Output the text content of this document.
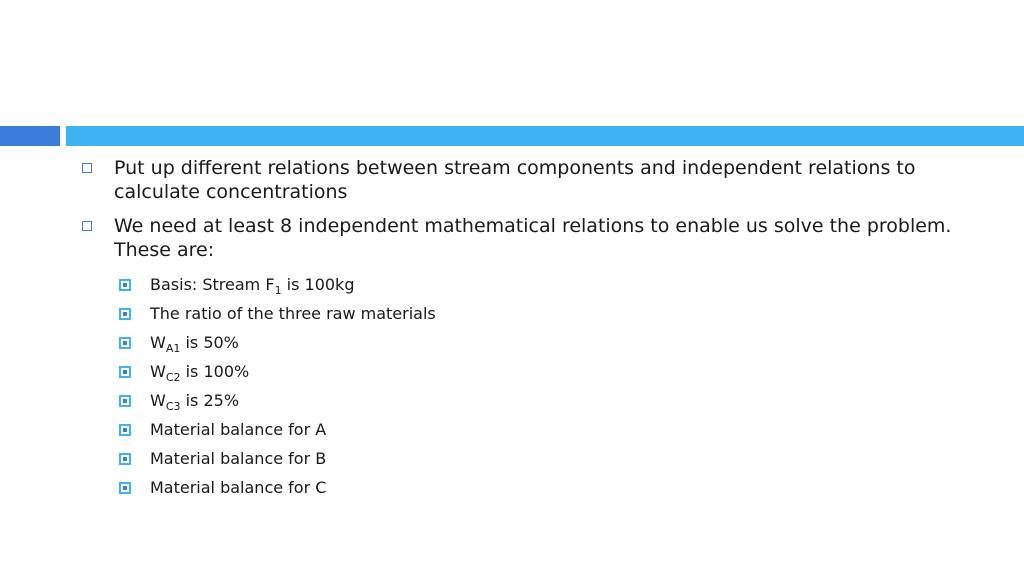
Put up different relations between stream components and independent relations to calculate concentrations
We need at least 8 independent mathematical relations to enable us solve the problem. These are:
Basis: Stream $F_1$ is 100kg
The ratio of the three raw materials
$W_{A1}$ is 50%
$W_{C2}$ is 100%
$W_{C3}$ is 25%
Material balance for A
Material balance for B
Material balance for C
